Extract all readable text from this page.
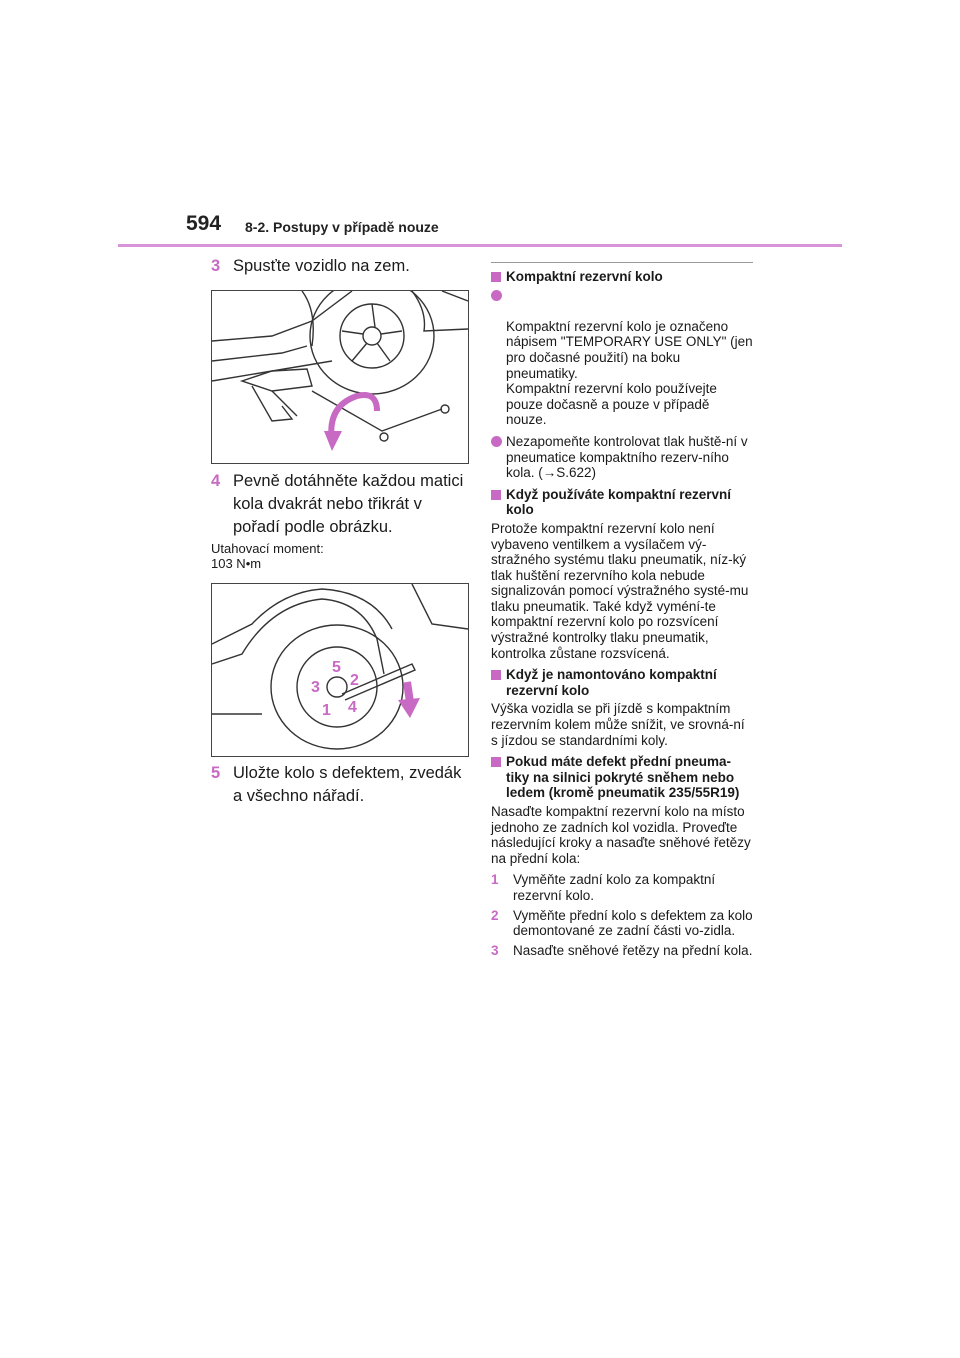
594 8-2. Postupy v případě nouze
3 Spusťte vozidlo na zem.
4 Pevně dotáhněte každou matici kola dvakrát nebo třikrát v pořadí podle obrázku.
Utahovací moment:
103 N•m
5
2
3
1 4
5 Uložte kolo s defektem, zvedák a všechno nářadí.
Kompaktní rezervní kolo

Kompaktní rezervní kolo je označeno nápisem "TEMPORARY USE ONLY" (jen pro dočasné použití) na boku pneumatiky.
Kompaktní rezervní kolo používejte pouze dočasně a pouze v případě nouze.

Nezapomeňte kontrolovat tlak huště-ní v pneumatice kompaktního rezerv-ního kola. (→S.622)
Když používáte kompaktní rezervní kolo
Protože kompaktní rezervní kolo není vybaveno ventilkem a vysílačem vý-stražného systému tlaku pneumatik, níz-ký tlak huštění rezervního kola nebude signalizován pomocí výstražného systé-mu tlaku pneumatik. Také když vyméní-te kompaktní rezervní kolo po rozsvícení výstražné kontrolky tlaku pneumatik, kontrolka zůstane rozsvícená.
Když je namontováno kompaktní rezervní kolo
Výška vozidla se při jízdě s kompaktním rezervním kolem může snížit, ve srovná-ní s jízdou se standardními koly.
Pokud máte defekt přední pneuma-tiky na silnici pokryté sněhem nebo ledem (kromě pneumatik 235/55R19)
Nasaďte kompaktní rezervní kolo na místo jednoho ze zadních kol vozidla. Proveďte následující kroky a nasaďte sněhové řetězy na přední kola:
1 Vyměňte zadní kolo za kompaktní rezervní kolo.
2 Vyměňte přední kolo s defektem za kolo demontované ze zadní části vo-zidla.
3 Nasaďte sněhové řetězy na přední kola.
